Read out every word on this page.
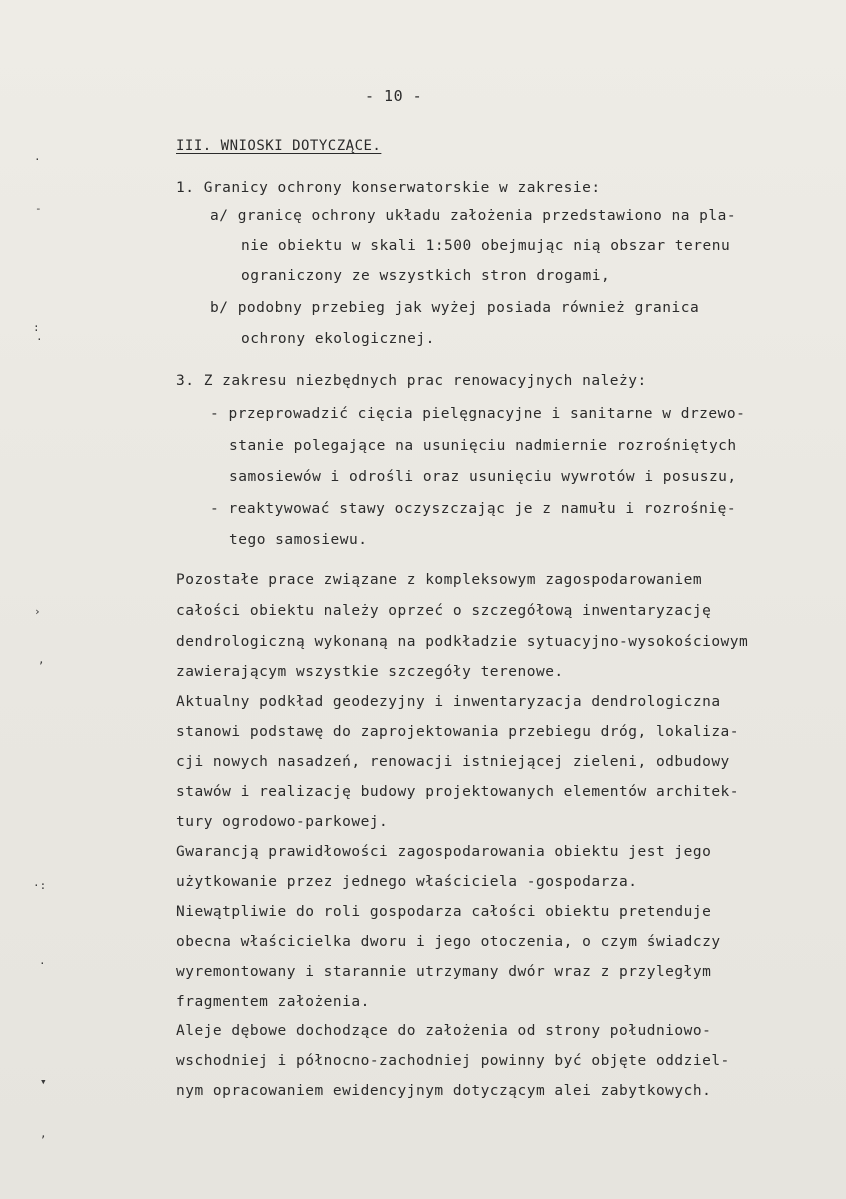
- 10 -
III. WNIOSKI DOTYCZĄCE.
1. Granicy ochrony konserwatorskie w zakresie:
a/ granicę ochrony układu założenia przedstawiono na pla-
nie obiektu w skali 1:500 obejmując nią obszar terenu
ograniczony ze wszystkich stron drogami,
b/ podobny przebieg jak wyżej posiada również granica
ochrony ekologicznej.
3. Z zakresu niezbędnych prac renowacyjnych należy:
- przeprowadzić cięcia pielęgnacyjne i sanitarne w drzewo-
stanie polegające na usunięciu nadmiernie rozrośniętych
samosiewów i odrośli oraz usunięciu wywrotów i posuszu,
- reaktywować stawy oczyszczając je z namułu i rozrośnię-
tego samosiewu.
Pozostałe prace związane z kompleksowym zagospodarowaniem
całości obiektu należy oprzeć o szczegółową inwentaryzację
dendrologiczną wykonaną na podkładzie sytuacyjno-wysokościowym
zawierającym wszystkie szczegóły terenowe.
Aktualny podkład geodezyjny i inwentaryzacja dendrologiczna
stanowi podstawę do zaprojektowania przebiegu dróg, lokaliza-
cji nowych nasadzeń, renowacji istniejącej zieleni, odbudowy
stawów i realizację budowy projektowanych elementów architek-
tury ogrodowo-parkowej.
Gwarancją prawidłowości zagospodarowania obiektu jest jego
użytkowanie przez jednego właściciela -gospodarza.
Niewątpliwie do roli gospodarza całości obiektu pretenduje
obecna właścicielka dworu i jego otoczenia, o czym świadczy
wyremontowany i starannie utrzymany dwór wraz z przyległym
fragmentem założenia.
Aleje dębowe dochodzące do założenia od strony południowo-
wschodniej i północno-zachodniej powinny być objęte oddziel-
nym opracowaniem ewidencyjnym dotyczącym alei zabytkowych.
·
-
:
·
›
,
·:
·
▾
‚
